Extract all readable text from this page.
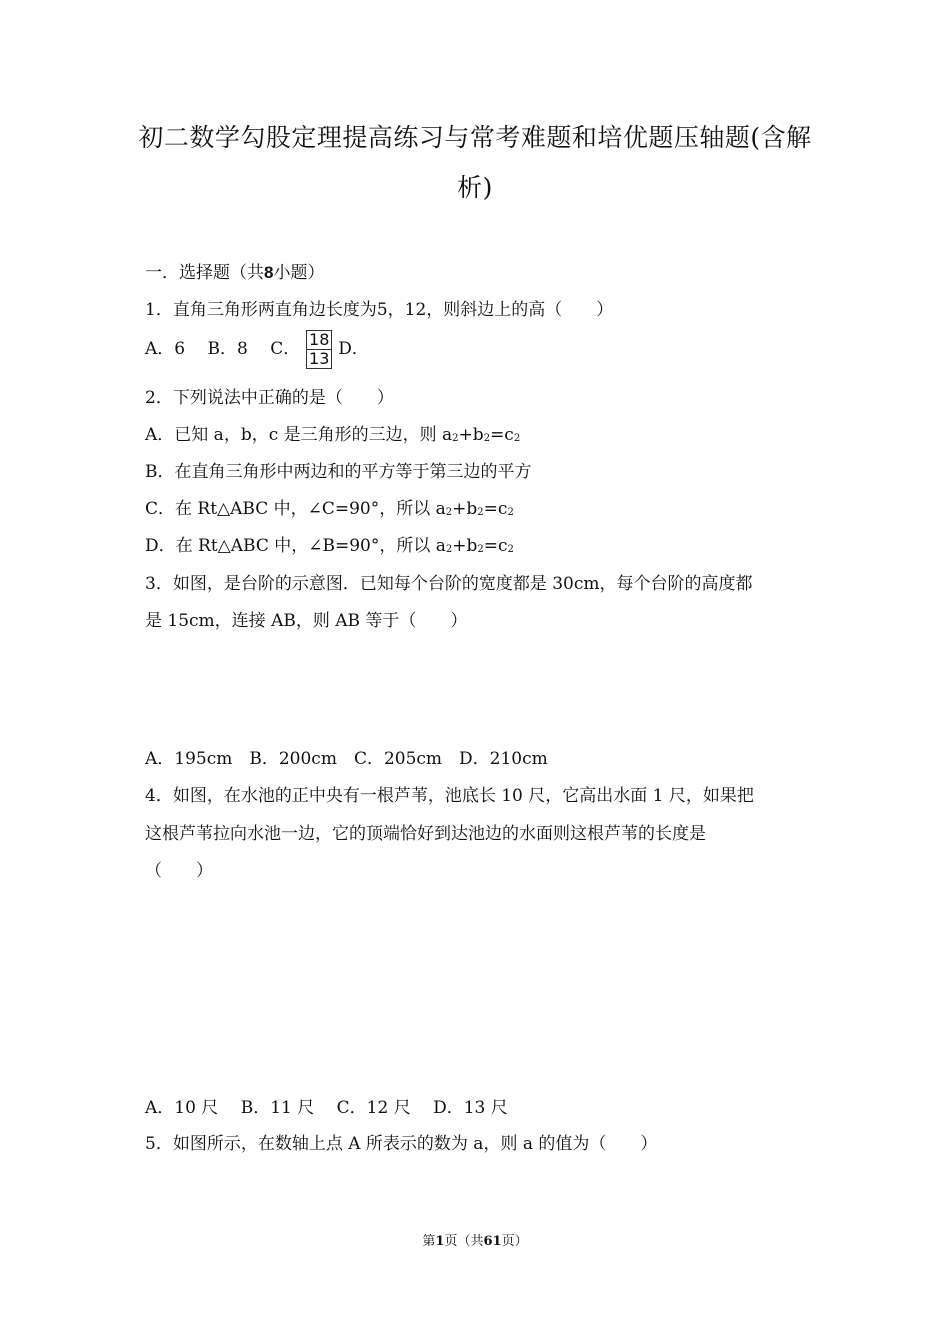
初二数学勾股定理提高练习与常考难题和培优题压轴题(含解
析)
一．选择题（共8小题）
1．直角三角形两直角边长度为5，12，则斜边上的高（　　）
A．6　 B．8　 C． $\frac{18}{13}$ D．
2．下列说法中正确的是（　　）
A．已知 a，b，c 是三角形的三边，则 $a^2+b^2=c^2$
B．在直角三角形中两边和的平方等于第三边的平方
C．在 Rt△ABC 中，∠C=90°，所以 $a^2+b^2=c^2$
D．在 Rt△ABC 中，∠B=90°，所以 $a^2+b^2=c^2$
3．如图，是台阶的示意图．已知每个台阶的宽度都是 30cm，每个台阶的高度都
是 15cm，连接 AB，则 AB 等于（　　）
A．195cm　B．200cm　C．205cm　D．210cm
4．如图，在水池的正中央有一根芦苇，池底长 10 尺，它高出水面 1 尺，如果把
这根芦苇拉向水池一边，它的顶端恰好到达池边的水面则这根芦苇的长度是
（　　）
A．10 尺　 B．11 尺　 C．12 尺　 D．13 尺
5．如图所示，在数轴上点 A 所表示的数为 a，则 a 的值为（　　）
第1页（共61页）
